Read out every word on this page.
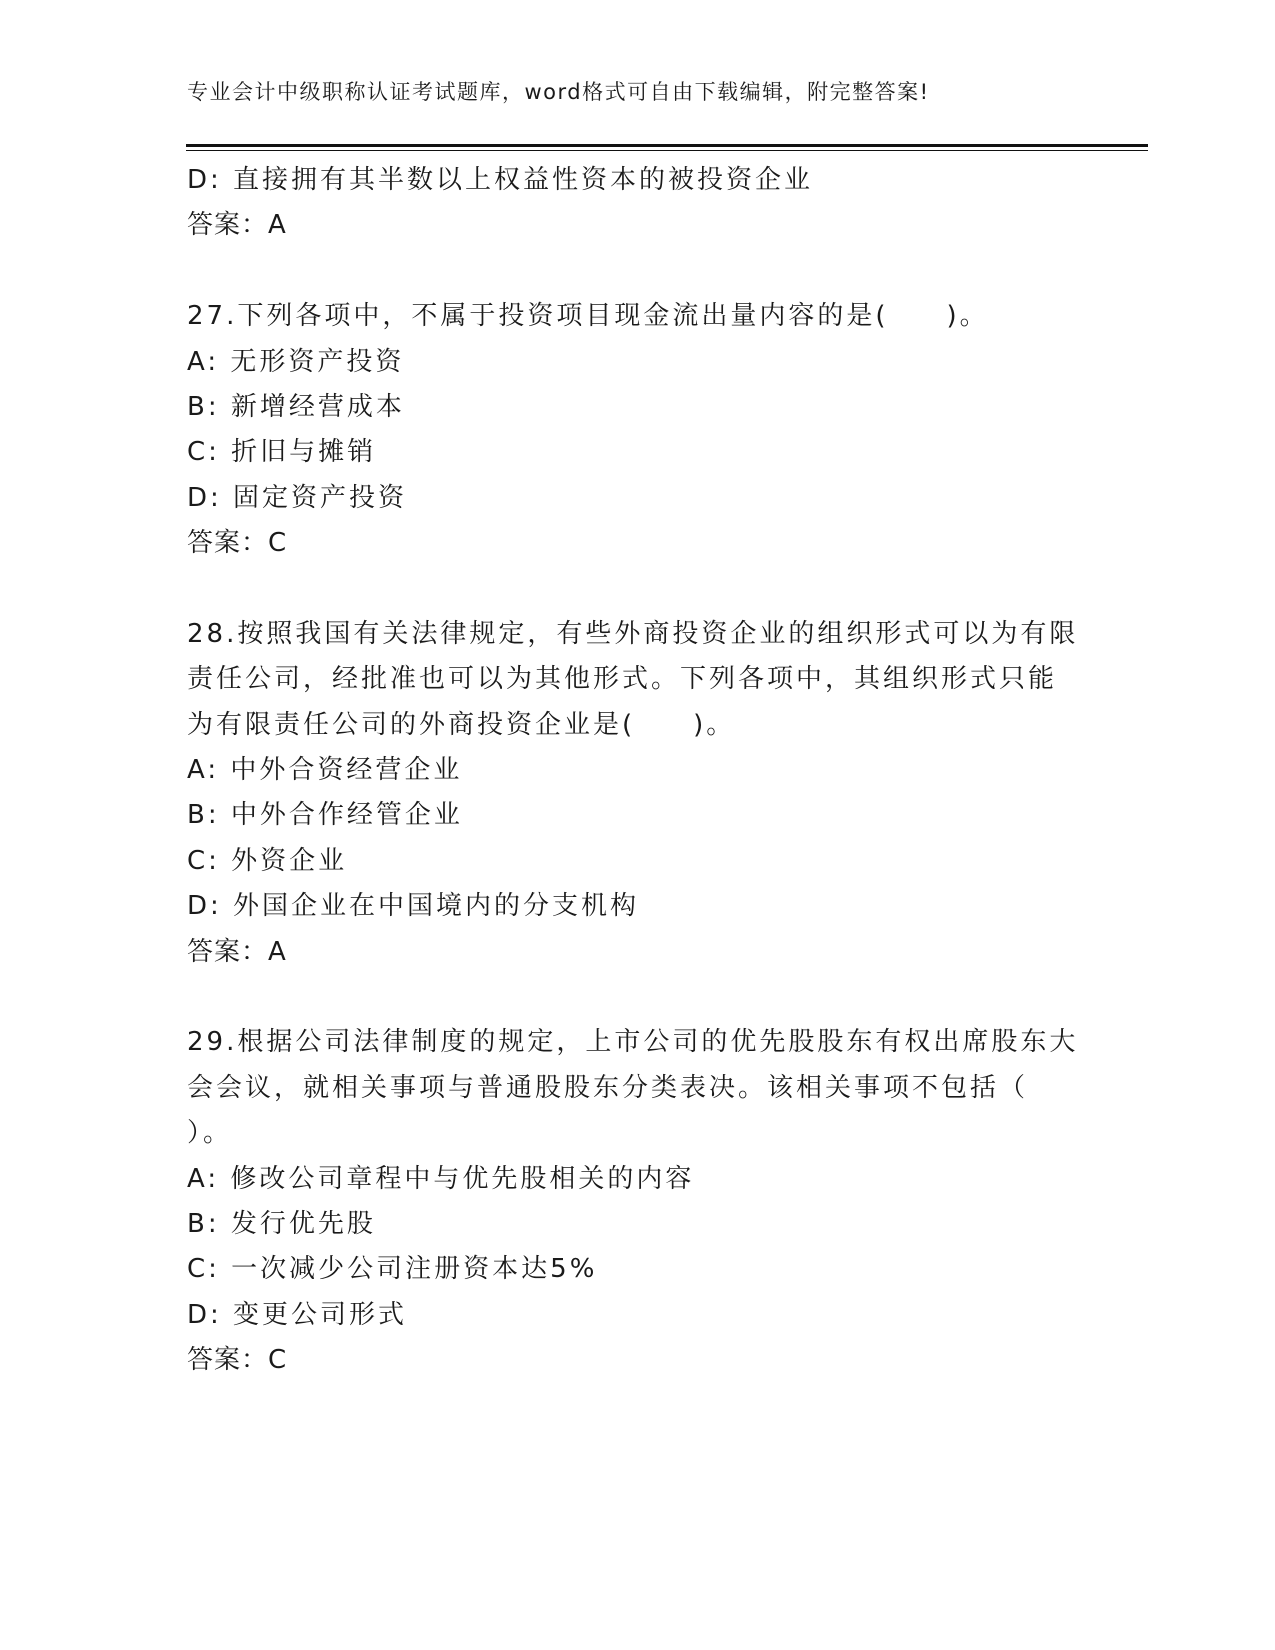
专业会计中级职称认证考试题库，word格式可自由下载编辑，附完整答案!
D: 直接拥有其半数以上权益性资本的被投资企业
答案：A
27.下列各项中，不属于投资项目现金流出量内容的是(　　)。
A: 无形资产投资
B: 新增经营成本
C: 折旧与摊销
D: 固定资产投资
答案：C
28.按照我国有关法律规定，有些外商投资企业的组织形式可以为有限
责任公司，经批准也可以为其他形式。下列各项中，其组织形式只能
为有限责任公司的外商投资企业是(　　)。
A: 中外合资经营企业
B: 中外合作经管企业
C: 外资企业
D: 外国企业在中国境内的分支机构
答案：A
29.根据公司法律制度的规定，上市公司的优先股股东有权出席股东大
会会议，就相关事项与普通股股东分类表决。该相关事项不包括（
）。
A: 修改公司章程中与优先股相关的内容
B: 发行优先股
C: 一次减少公司注册资本达5%
D: 变更公司形式
答案：C
